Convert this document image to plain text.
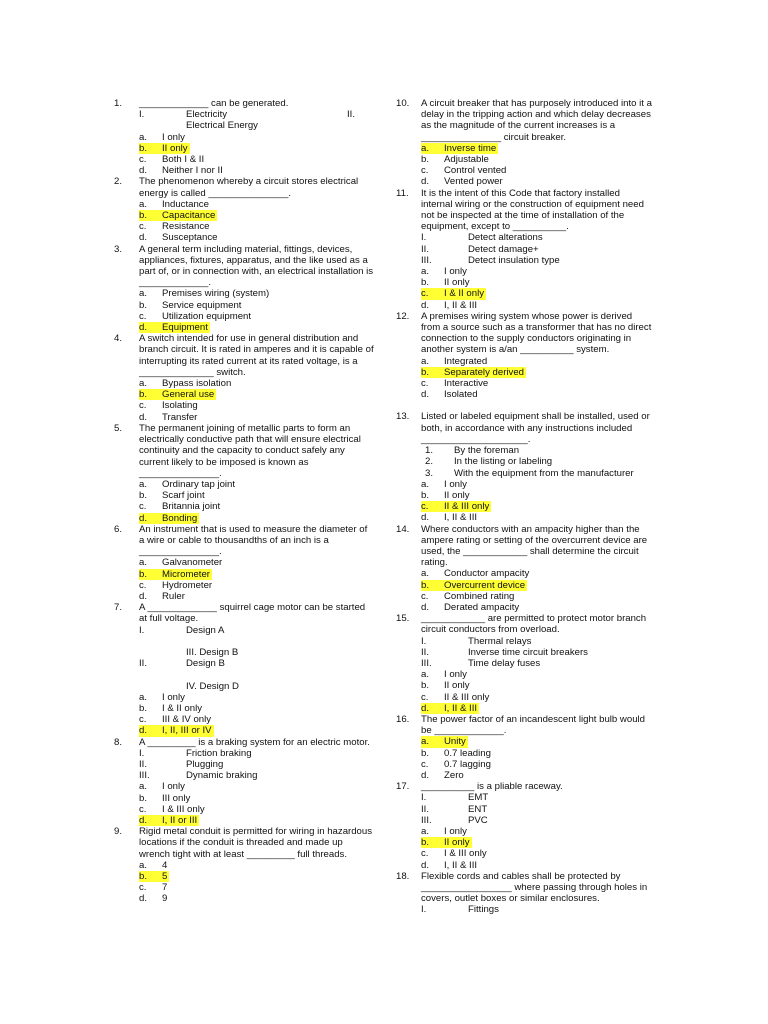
1. _____________ can be generated.
I.	Electricity	II.
Electrical Energy
a. I only
b. II only
c. Both I & II
d. Neither I nor II
2. The phenomenon whereby a circuit stores electrical energy is called _______________.
a. Inductance
b. Capacitance
c. Resistance
d. Susceptance
3. A general term including material, fittings, devices, appliances, fixtures, apparatus, and the like used as a part of, or in connection with, an electrical installation is _____________.
a. Premises wiring (system)
b. Service equipment
c. Utilization equipment
d. Equipment
4. A switch intended for use in general distribution and branch circuit. It is rated in amperes and it is capable of interrupting its rated current at its rated voltage, is a ______________ switch.
a. Bypass isolation
b. General use
c. Isolating
d. Transfer
5. The permanent joining of metallic parts to form an electrically conductive path that will ensure electrical continuity and the capacity to conduct safely any current likely to be imposed is known as _______________.
a. Ordinary tap joint
b. Scarf joint
c. Britannia joint
d. Bonding
6. An instrument that is used to measure the diameter of a wire or cable to thousandths of an inch is a _______________.
a. Galvanometer
b. Micrometer
c. Hydrometer
d. Ruler
7. A _____________ squirrel cage motor can be started at full voltage.
I.	Design A

III. Design B
II.	Design B

IV. Design D
a. I only
b. I & II only
c. III & IV only
d. I, II, III or IV
8. A _________ is a braking system for an electric motor.
I.	Friction braking
II.	Plugging
III.	Dynamic braking
a. I only
b. III only
c. I & III only
d. I, II or III
9. Rigid metal conduit is permitted for wiring in hazardous locations if the conduit is threaded and made up wrench tight with at least _________ full threads.
a. 4
b. 5
c. 7
d. 9
10. A circuit breaker that has purposely introduced into it a delay in the tripping action and which delay decreases as the magnitude of the current increases is a _______________ circuit breaker.
a. Inverse time
b. Adjustable
c. Control vented
d. Vented power
11. It is the intent of this Code that factory installed internal wiring or the construction of equipment need not be inspected at the time of installation of the equipment, except to __________.
I.	Detect alterations
II.	Detect damage+
III.	Detect insulation type
a. I only
b. II only
c. I & II only
d. I, II & III
12. A premises wiring system whose power is derived from a source such as a transformer that has no direct connection to the supply conductors originating in another system is a/an __________ system.
a. Integrated
b. Separately derived
c. Interactive
d. Isolated
13. Listed or labeled equipment shall be installed, used or both, in accordance with any instructions included ____________________.
1. By the foreman
2. In the listing or labeling
3. With the equipment from the manufacturer
a. I only
b. II only
c. II & III only
d. I, II & III
14. Where conductors with an ampacity higher than the ampere rating or setting of the overcurrent device are used, the ____________ shall determine the circuit rating.
a. Conductor ampacity
b. Overcurrent device
c. Combined rating
d. Derated ampacity
15. ____________ are permitted to protect motor branch circuit conductors from overload.
I.	Thermal relays
II.	Inverse time circuit breakers
III.	Time delay fuses
a. I only
b. II only
c. II & III only
d. I, II & III
16. The power factor of an incandescent light bulb would be _____________.
a. Unity
b. 0.7 leading
c. 0.7 lagging
d. Zero
17. __________ is a pliable raceway.
I.	EMT
II.	ENT
III.	PVC
a. I only
b. II only
c. I & III only
d. I, II & III
18. Flexible cords and cables shall be protected by _________________ where passing through holes in covers, outlet boxes or similar enclosures.
I.	Fittings
